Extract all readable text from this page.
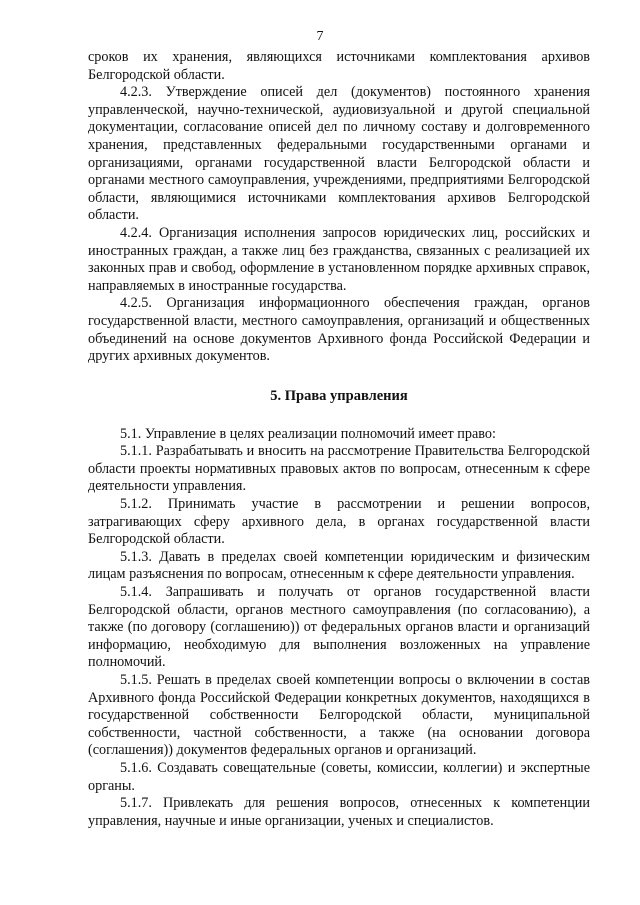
7

сроков их хранения, являющихся источниками комплектования архивов Белгородской области.

4.2.3. Утверждение описей дел (документов) постоянного хранения управленческой, научно-технической, аудиовизуальной и другой специальной документации, согласование описей дел по личному составу и долговременного хранения, представленных федеральными государственными органами и организациями, органами государственной власти Белгородской области и органами местного самоуправления, учреждениями, предприятиями Белгородской области, являющимися источниками комплектования архивов Белгородской области.

4.2.4. Организация исполнения запросов юридических лиц, российских и иностранных граждан, а также лиц без гражданства, связанных с реализацией их законных прав и свобод, оформление в установленном порядке архивных справок, направляемых в иностранные государства.

4.2.5. Организация информационного обеспечения граждан, органов государственной власти, местного самоуправления, организаций и общественных объединений на основе документов Архивного фонда Российской Федерации и других архивных документов.

5. Права управления

5.1. Управление в целях реализации полномочий имеет право:

5.1.1. Разрабатывать и вносить на рассмотрение Правительства Белгородской области проекты нормативных правовых актов по вопросам, отнесенным к сфере деятельности управления.

5.1.2. Принимать участие в рассмотрении и решении вопросов, затрагивающих сферу архивного дела, в органах государственной власти Белгородской области.

5.1.3. Давать в пределах своей компетенции юридическим и физическим лицам разъяснения по вопросам, отнесенным к сфере деятельности управления.

5.1.4. Запрашивать и получать от органов государственной власти Белгородской области, органов местного самоуправления (по согласованию), а также (по договору (соглашению)) от федеральных органов власти и организаций информацию, необходимую для выполнения возложенных на управление полномочий.

5.1.5. Решать в пределах своей компетенции вопросы о включении в состав Архивного фонда Российской Федерации конкретных документов, находящихся в государственной собственности Белгородской области, муниципальной собственности, частной собственности, а также (на основании договора (соглашения)) документов федеральных органов и организаций.

5.1.6. Создавать совещательные (советы, комиссии, коллегии) и экспертные органы.

5.1.7. Привлекать для решения вопросов, отнесенных к компетенции управления, научные и иные организации, ученых и специалистов.
